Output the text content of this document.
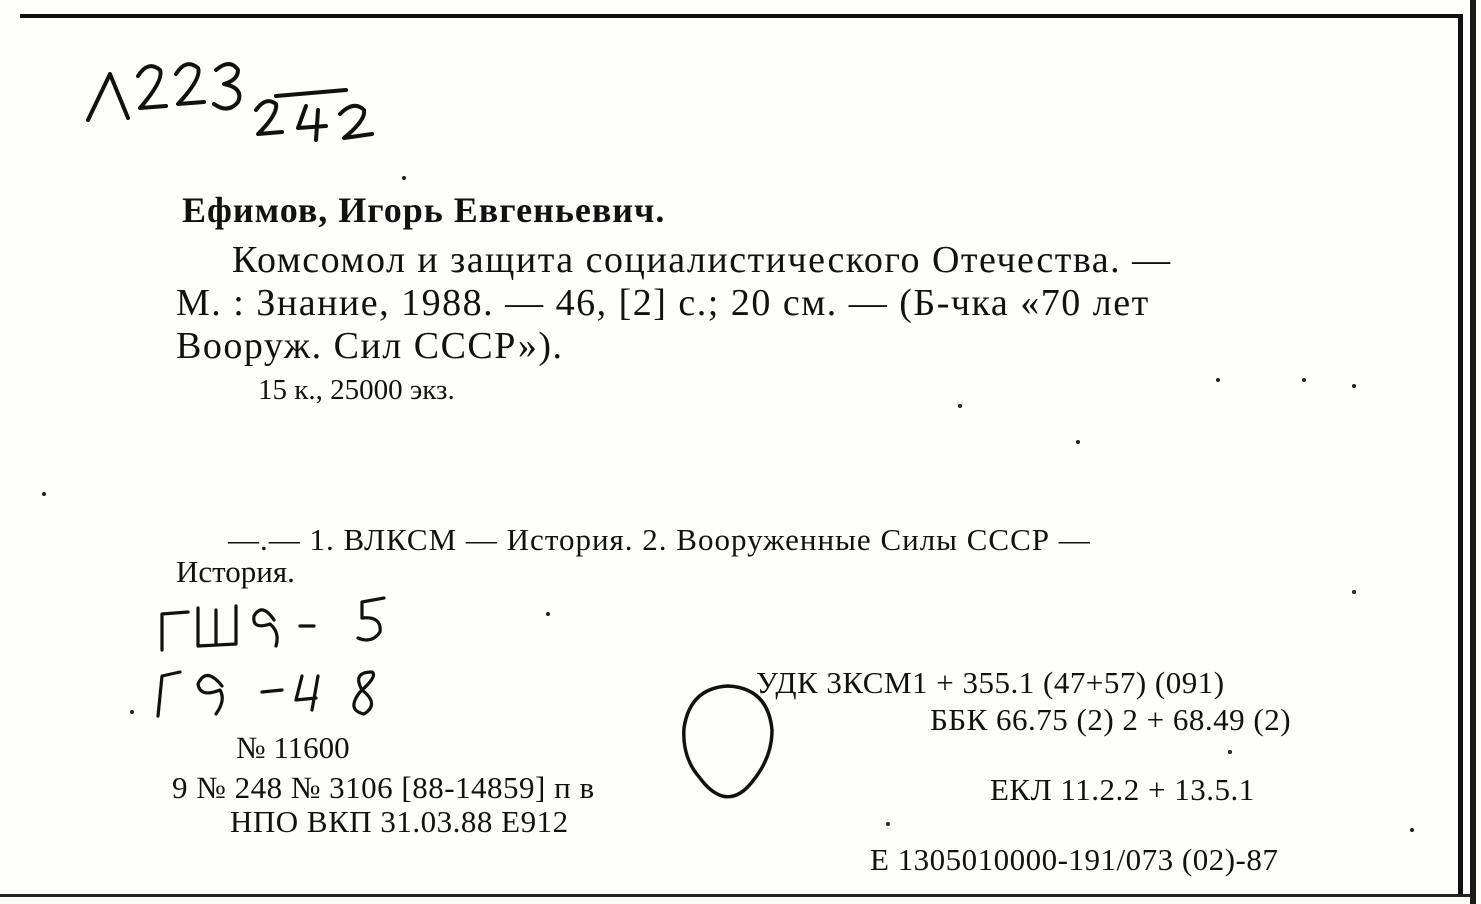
Ефимов, Игорь Евгеньевич.
Комсомол и защита социалистического Отечества. —
М. : Знание, 1988. — 46, [2] с.; 20 см. — (Б-чка «70 лет
Вооруж. Сил СССР»).
15 к., 25000 экз.
—.— 1. ВЛКСМ — История. 2. Вооруженные Силы СССР —
История.
№ 11600
9 № 248 № 3106 [88-14859] п в
НПО ВКП 31.03.88 Е912
УДК 3КСМ1 + 355.1 (47+57) (091)
ББК 66.75 (2) 2 + 68.49 (2)
ЕКЛ 11.2.2 + 13.5.1
Е 1305010000-191/073 (02)-87
